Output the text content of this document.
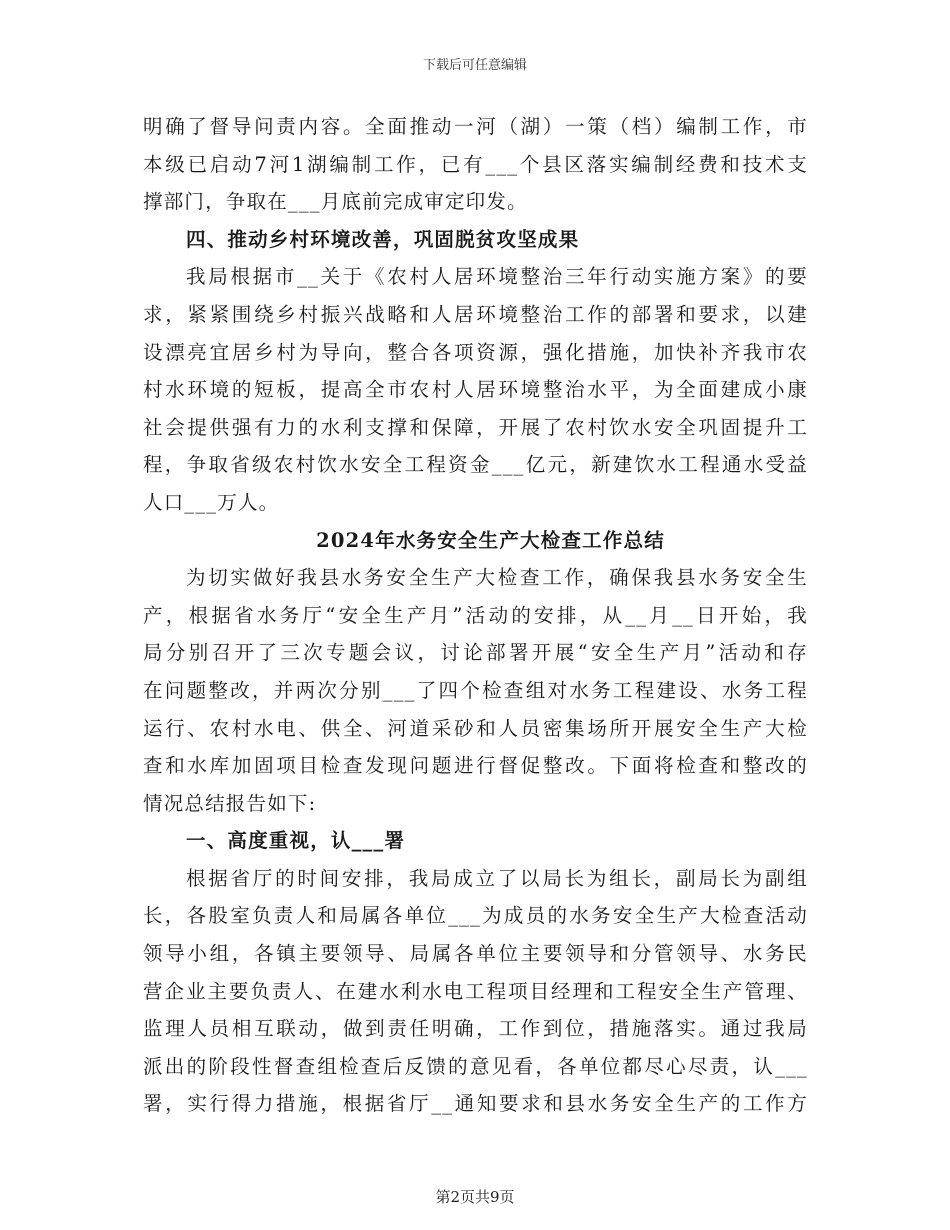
下载后可任意编辑
明确了督导问责内容。全面推动一河（湖）一策（档）编制工作，市
本级已启动7河1湖编制工作，已有___个县区落实编制经费和技术支
撑部门，争取在___月底前完成审定印发。
四、推动乡村环境改善，巩固脱贫攻坚成果
我局根据市__关于《农村人居环境整治三年行动实施方案》的要
求，紧紧围绕乡村振兴战略和人居环境整治工作的部署和要求，以建
设漂亮宜居乡村为导向，整合各项资源，强化措施，加快补齐我市农
村水环境的短板，提高全市农村人居环境整治水平，为全面建成小康
社会提供强有力的水利支撑和保障，开展了农村饮水安全巩固提升工
程，争取省级农村饮水安全工程资金___亿元，新建饮水工程通水受益
人口___万人。
2024年水务安全生产大检查工作总结
为切实做好我县水务安全生产大检查工作，确保我县水务安全生
产，根据省水务厅“安全生产月”活动的安排，从__月__日开始，我
局分别召开了三次专题会议，讨论部署开展“安全生产月”活动和存
在问题整改，并两次分别___了四个检查组对水务工程建设、水务工程
运行、农村水电、供全、河道采砂和人员密集场所开展安全生产大检
查和水库加固项目检查发现问题进行督促整改。下面将检查和整改的
情况总结报告如下:
一、高度重视，认___署
根据省厅的时间安排，我局成立了以局长为组长，副局长为副组
长，各股室负责人和局属各单位___为成员的水务安全生产大检查活动
领导小组，各镇主要领导、局属各单位主要领导和分管领导、水务民
营企业主要负责人、在建水利水电工程项目经理和工程安全生产管理、
监理人员相互联动，做到责任明确，工作到位，措施落实。通过我局
派出的阶段性督查组检查后反馈的意见看，各单位都尽心尽责，认___
署，实行得力措施，根据省厅__通知要求和县水务安全生产的工作方
第2页共9页
